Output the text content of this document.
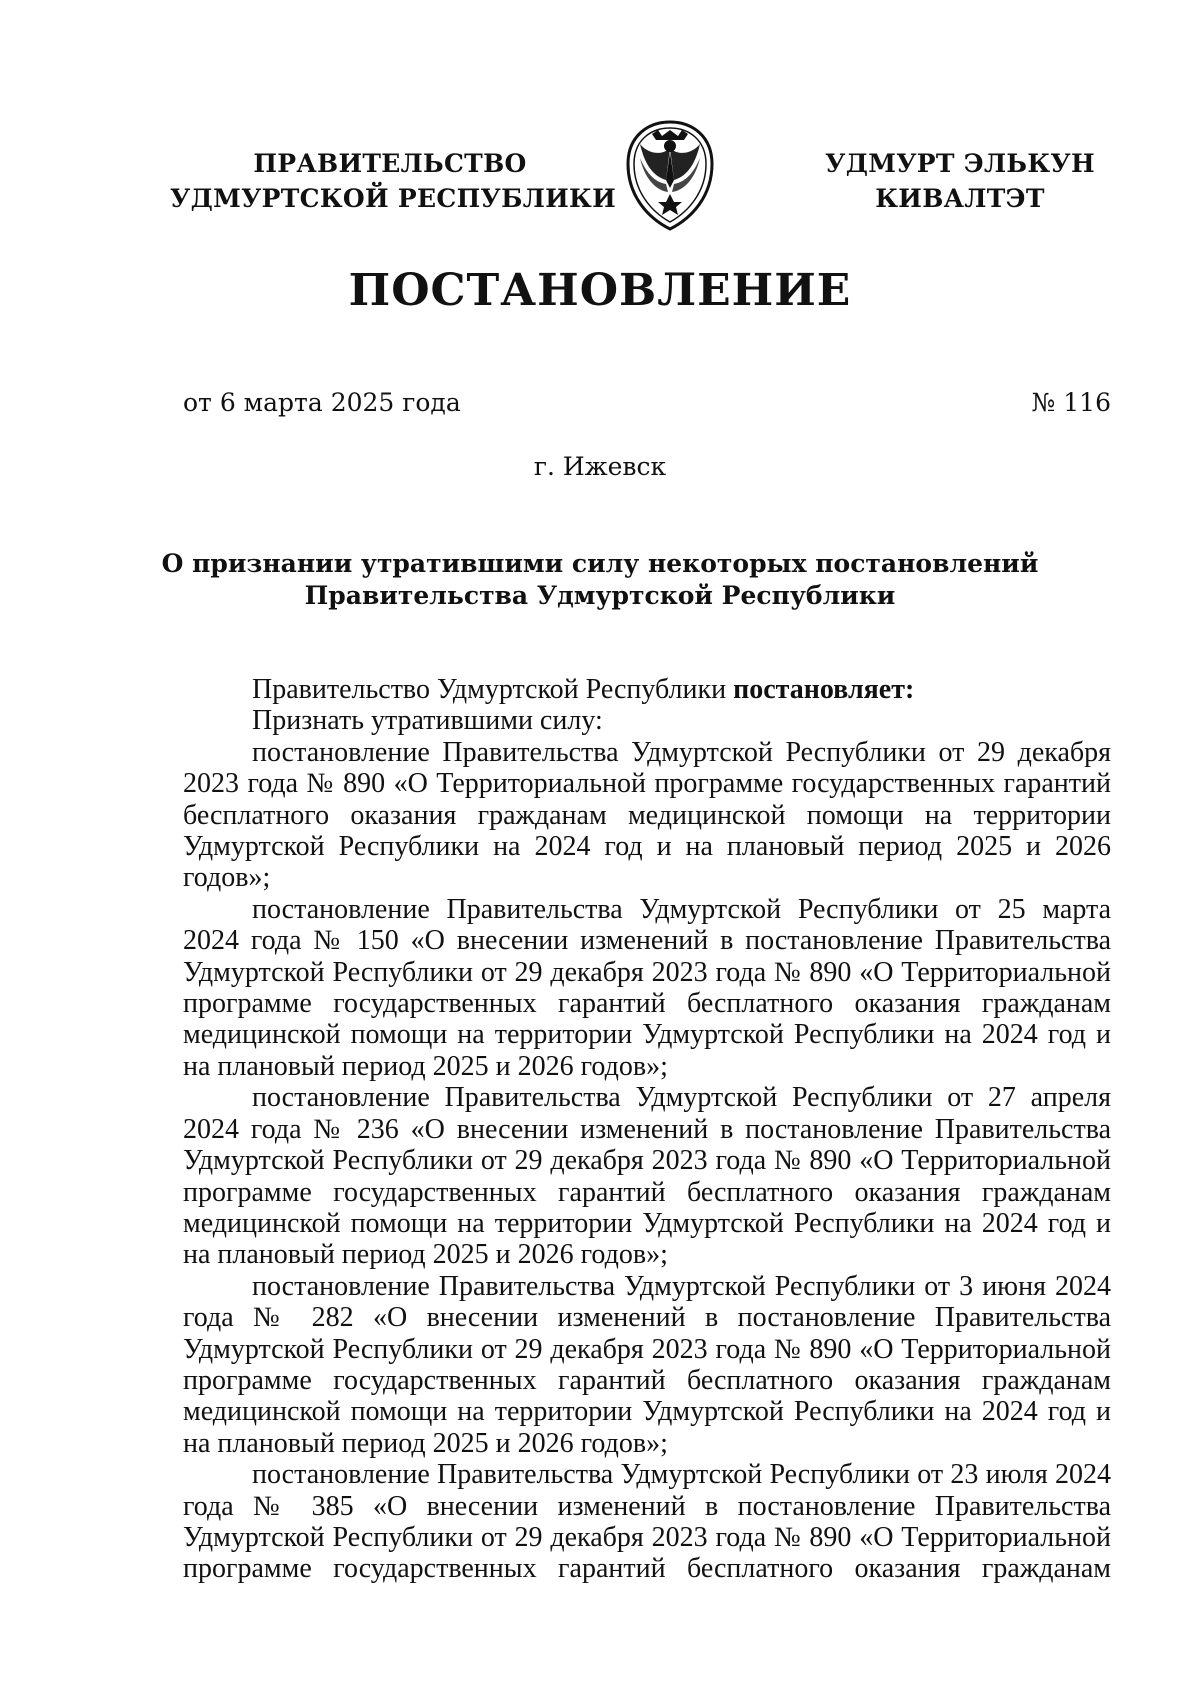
ПРАВИТЕЛЬСТВО
УДМУРТСКОЙ РЕСПУБЛИКИ
УДМУРТ ЭЛЬКУН
КИВАЛТЭТ
ПОСТАНОВЛЕНИЕ
от 6 марта 2025 года	№ 116
г. Ижевск
О признании утратившими силу некоторых постановлений
Правительства Удмуртской Республики

Правительство Удмуртской Республики постановляет:

Признать утратившими силу:

постановление Правительства Удмуртской Республики от 29 декабря 2023 года № 890 «О Территориальной программе государственных гарантий бесплатного оказания гражданам медицинской помощи на территории Удмуртской Республики на 2024 год и на плановый период 2025 и 2026 годов»;

постановление Правительства Удмуртской Республики от 25 марта 2024 года № 150 «О внесении изменений в постановление Правительства Удмуртской Республики от 29 декабря 2023 года № 890 «О Территориальной программе государственных гарантий бесплатного оказания гражданам медицинской помощи на территории Удмуртской Республики на 2024 год и на плановый период 2025 и 2026 годов»;

постановление Правительства Удмуртской Республики от 27 апреля 2024 года № 236 «О внесении изменений в постановление Правительства Удмуртской Республики от 29 декабря 2023 года № 890 «О Территориальной программе государственных гарантий бесплатного оказания гражданам медицинской помощи на территории Удмуртской Республики на 2024 год и на плановый период 2025 и 2026 годов»;

постановление Правительства Удмуртской Республики от 3 июня 2024 года № 282 «О внесении изменений в постановление Правительства Удмуртской Республики от 29 декабря 2023 года № 890 «О Территориальной программе государственных гарантий бесплатного оказания гражданам медицинской помощи на территории Удмуртской Республики на 2024 год и на плановый период 2025 и 2026 годов»;

постановление Правительства Удмуртской Республики от 23 июля 2024 года № 385 «О внесении изменений в постановление Правительства Удмуртской Республики от 29 декабря 2023 года № 890 «О Территориальной программе государственных гарантий бесплатного оказания гражданам
